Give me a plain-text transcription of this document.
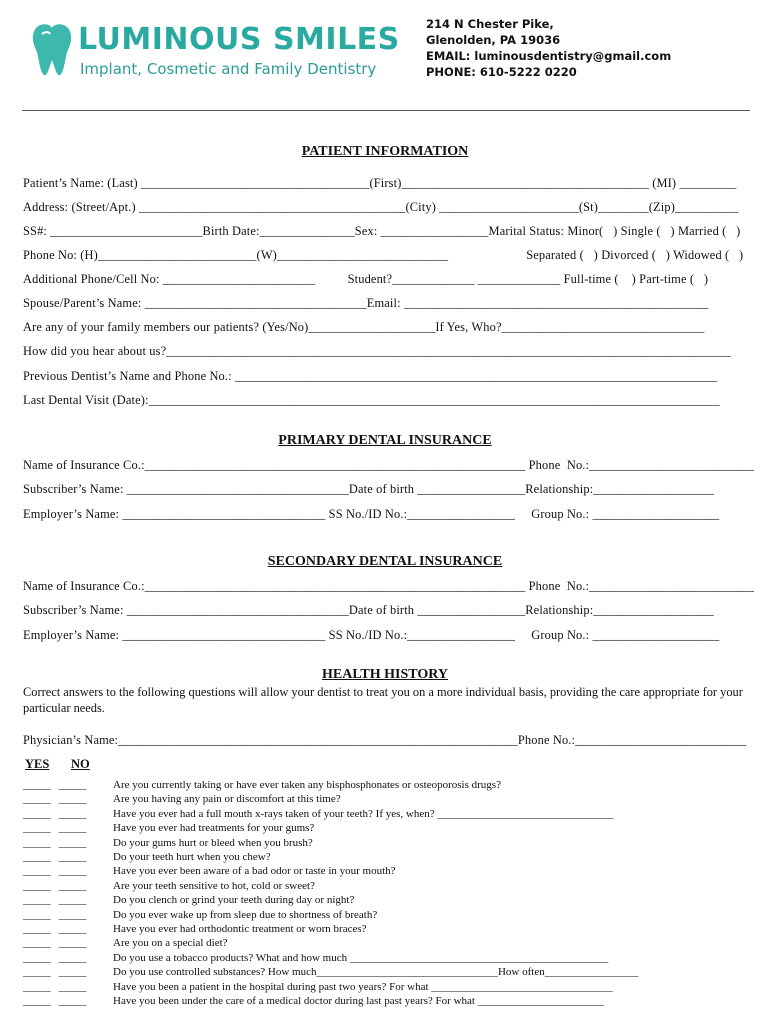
LUMINOUS SMILES
Implant, Cosmetic and Family Dentistry
214 N Chester Pike,
Glenolden, PA 19036
EMAIL: luminousdentistry@gmail.com
PHONE: 610-5222 0220
PATIENT INFORMATION
Patient’s Name: (Last) ____________________________________(First)_______________________________________ (MI) _________
Address: (Street/Apt.) __________________________________________(City) ______________________(St)________(Zip)__________
SS#: ________________________Birth Date:_______________Sex: _________________Marital Status: Minor(   ) Single (   ) Married (   )
Phone No: (H)_________________________(W)___________________________                        Separated (   ) Divorced (   ) Widowed (   )
Additional Phone/Cell No: ________________________          Student?_____________ _____________ Full-time (    ) Part-time (   )
Spouse/Parent’s Name: ___________________________________Email: ________________________________________________
Are any of your family members our patients? (Yes/No)____________________If Yes, Who?________________________________
How did you hear about us?_________________________________________________________________________________________
Previous Dentist’s Name and Phone No.: ____________________________________________________________________________
Last Dental Visit (Date):__________________________________________________________________________________________
PRIMARY DENTAL INSURANCE
Name of Insurance Co.:____________________________________________________________ Phone  No.:__________________________
Subscriber’s Name: ___________________________________Date of birth _________________Relationship:___________________
Employer’s Name: ________________________________ SS No./ID No.:_________________     Group No.: ____________________
SECONDARY DENTAL INSURANCE
Name of Insurance Co.:____________________________________________________________ Phone  No.:__________________________
Subscriber’s Name: ___________________________________Date of birth _________________Relationship:___________________
Employer’s Name: ________________________________ SS No./ID No.:_________________     Group No.: ____________________
HEALTH HISTORY
Correct answers to the following questions will allow your dentist to treat you on a more individual basis, providing the care appropriate for your particular needs.
Physician’s Name:_______________________________________________________________Phone No.:___________________________
YES NO
_____   _____ Are you currently taking or have ever taken any bisphosphonates or osteoporosis drugs?
_____   _____ Are you having any pain or discomfort at this time?
_____   _____ Have you ever had a full mouth x-rays taken of your teeth? If yes, when? ________________________________
_____   _____ Have you ever had treatments for your gums?
_____   _____ Do your gums hurt or bleed when you brush?
_____   _____ Do your teeth hurt when you chew?
_____   _____ Have you ever been aware of a bad odor or taste in your mouth?
_____   _____ Are your teeth sensitive to hot, cold or sweet?
_____   _____ Do you clench or grind your teeth during day or night?
_____   _____ Do you ever wake up from sleep due to shortness of breath?
_____   _____ Have you ever had orthodontic treatment or worn braces?
_____   _____ Are you on a special diet?
_____   _____ Do you use a tobacco products? What and how much _______________________________________________
_____   _____ Do you use controlled substances? How much_________________________________How often_________________
_____   _____ Have you been a patient in the hospital during past two years? For what _________________________________
_____   _____ Have you been under the care of a medical doctor during last past years? For what _______________________
